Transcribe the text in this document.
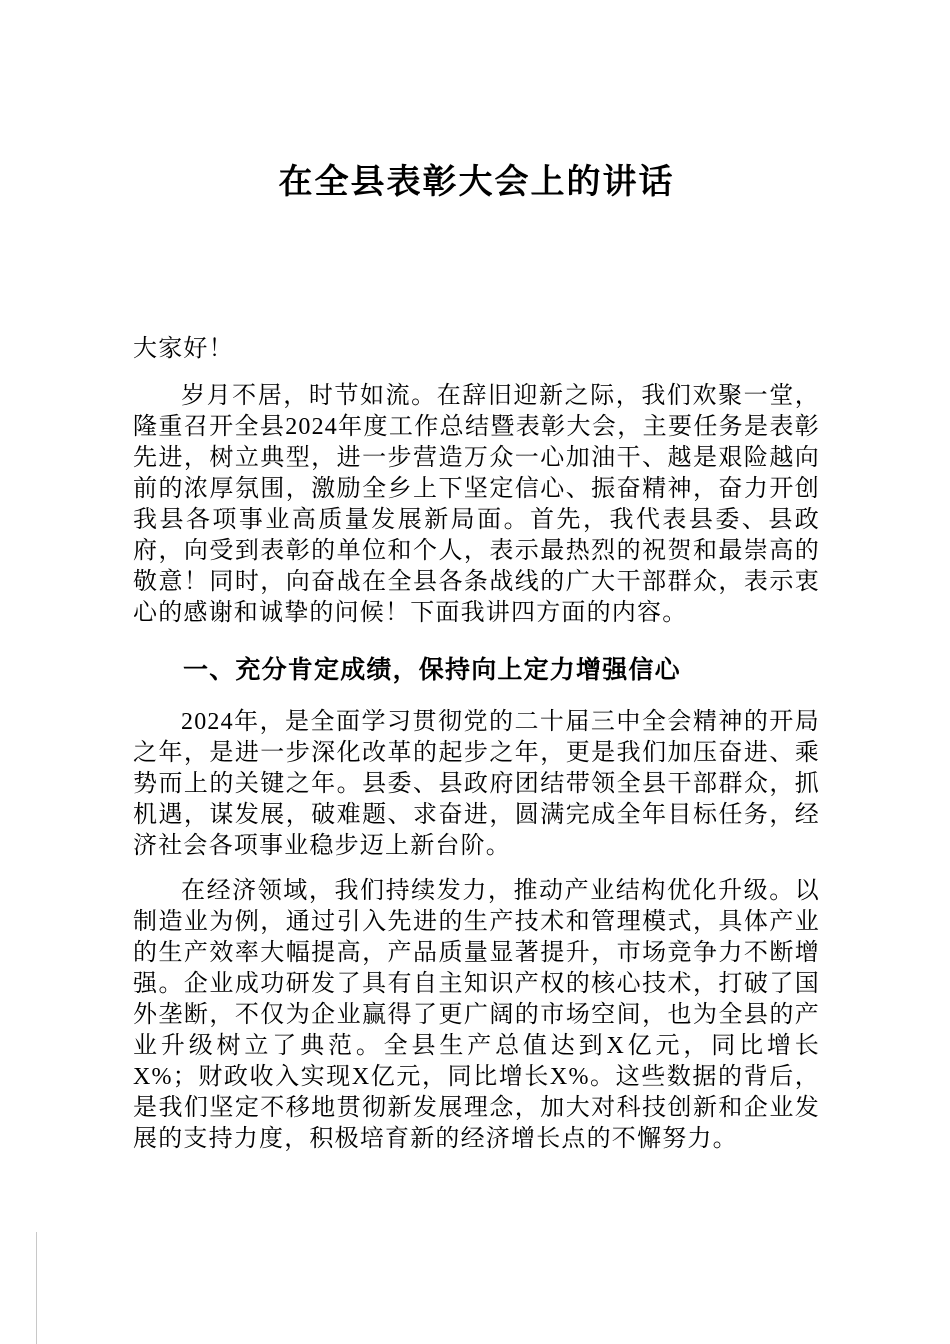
在全县表彰大会上的讲话

大家好！

岁月不居，时节如流。在辞旧迎新之际，我们欢聚一堂，隆重召开全县2024年度工作总结暨表彰大会，主要任务是表彰先进，树立典型，进一步营造万众一心加油干、越是艰险越向前的浓厚氛围，激励全乡上下坚定信心、振奋精神，奋力开创我县各项事业高质量发展新局面。首先，我代表县委、县政府，向受到表彰的单位和个人，表示最热烈的祝贺和最崇高的敬意！同时，向奋战在全县各条战线的广大干部群众，表示衷心的感谢和诚挚的问候！下面我讲四方面的内容。

一、充分肯定成绩，保持向上定力增强信心

2024年，是全面学习贯彻党的二十届三中全会精神的开局之年，是进一步深化改革的起步之年，更是我们加压奋进、乘势而上的关键之年。县委、县政府团结带领全县干部群众，抓机遇，谋发展，破难题、求奋进，圆满完成全年目标任务，经济社会各项事业稳步迈上新台阶。

在经济领域，我们持续发力，推动产业结构优化升级。以制造业为例，通过引入先进的生产技术和管理模式，具体产业的生产效率大幅提高，产品质量显著提升，市场竞争力不断增强。企业成功研发了具有自主知识产权的核心技术，打破了国外垄断，不仅为企业赢得了更广阔的市场空间，也为全县的产业升级树立了典范。全县生产总值达到X亿元，同比增长X%；财政收入实现X亿元，同比增长X%。这些数据的背后，是我们坚定不移地贯彻新发展理念，加大对科技创新和企业发展的支持力度，积极培育新的经济增长点的不懈努力。
